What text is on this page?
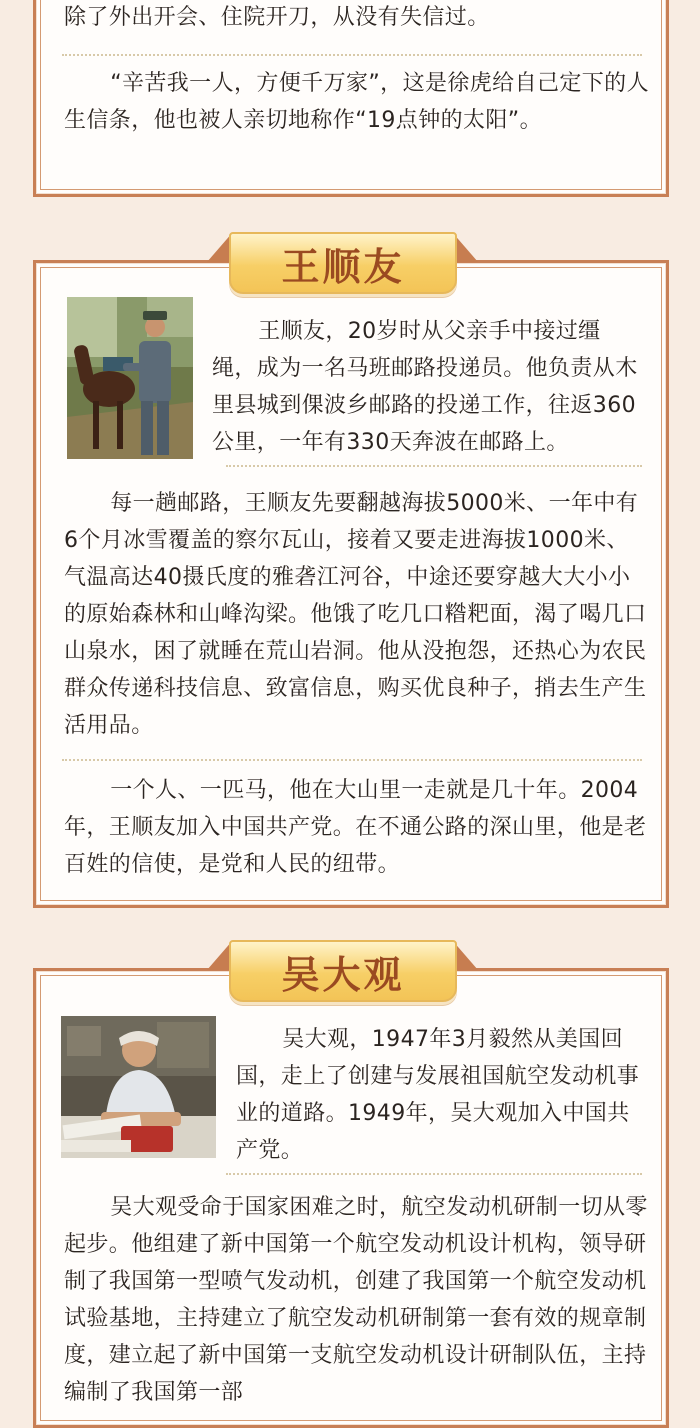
除了外出开会、住院开刀，从没有失信过。

“辛苦我一人，方便千万家”，这是徐虎给自己定下的人生信条，他也被人亲切地称作“19点钟的太阳”。

王顺友，20岁时从父亲手中接过缰绳，成为一名马班邮路投递员。他负责从木里县城到倮波乡邮路的投递工作，往返360公里，一年有330天奔波在邮路上。

每一趟邮路，王顺友先要翻越海拔5000米、一年中有6个月冰雪覆盖的察尔瓦山，接着又要走进海拔1000米、气温高达40摄氏度的雅砻江河谷，中途还要穿越大大小小的原始森林和山峰沟梁。他饿了吃几口糌粑面，渴了喝几口山泉水，困了就睡在荒山岩洞。他从没抱怨，还热心为农民群众传递科技信息、致富信息，购买优良种子，捎去生产生活用品。

一个人、一匹马，他在大山里一走就是几十年。2004年，王顺友加入中国共产党。在不通公路的深山里，他是老百姓的信使，是党和人民的纽带。

王顺友

吴大观，1947年3月毅然从美国回国，走上了创建与发展祖国航空发动机事业的道路。1949年，吴大观加入中国共产党。

吴大观受命于国家困难之时，航空发动机研制一切从零起步。他组建了新中国第一个航空发动机设计机构，领导研制了我国第一型喷气发动机，创建了我国第一个航空发动机试验基地，主持建立了航空发动机研制第一套有效的规章制度，建立起了新中国第一支航空发动机设计研制队伍，主持编制了我国第一部

吴大观
